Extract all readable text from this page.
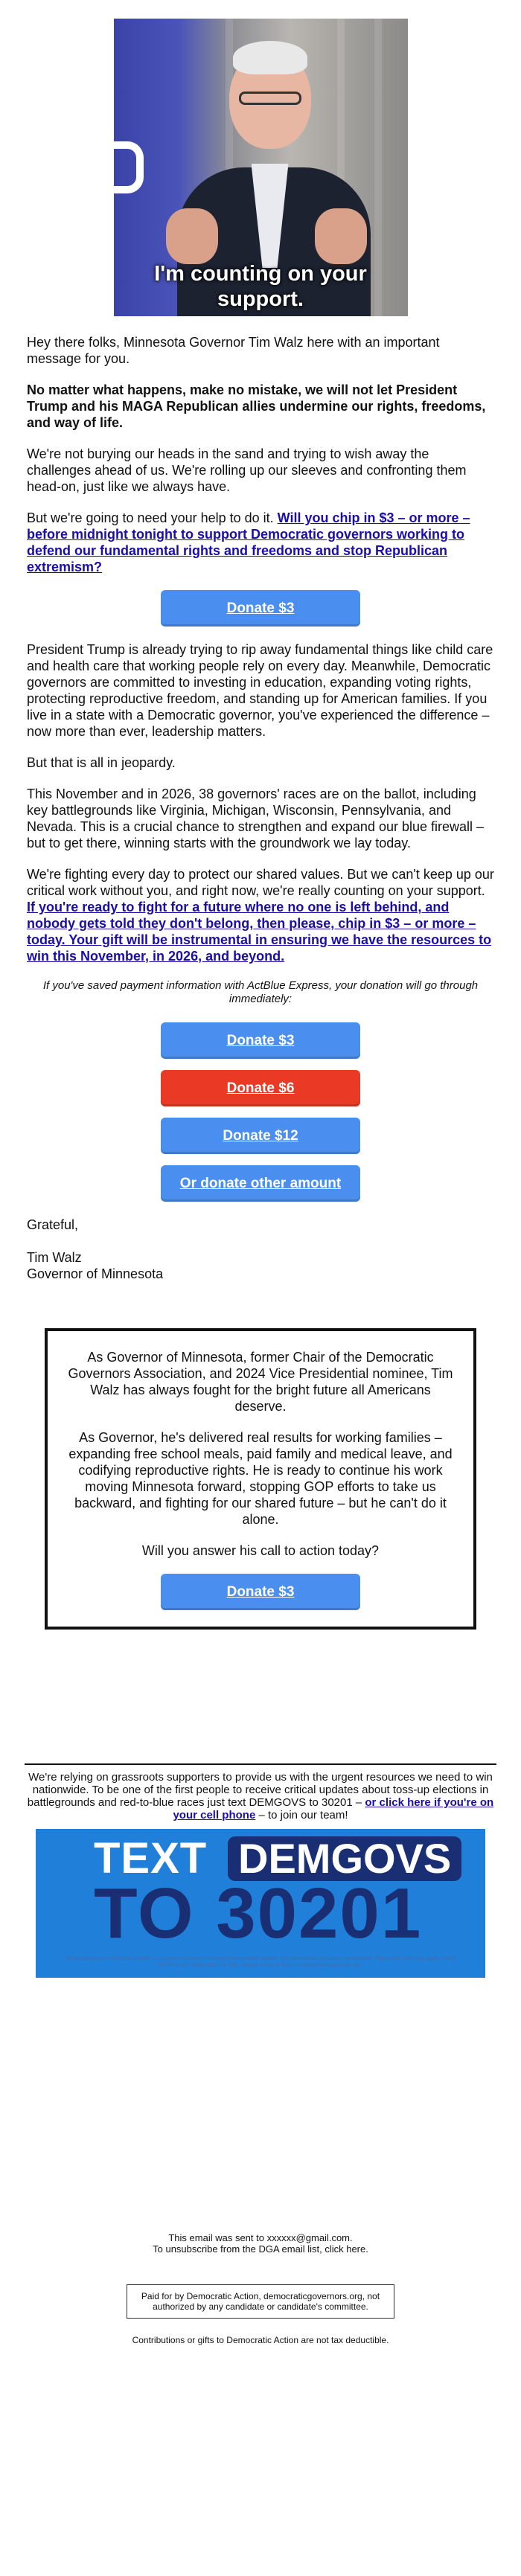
I'm counting on your
support.

Hey there folks, Minnesota Governor Tim Walz here with an important message for you.

No matter what happens, make no mistake, we will not let President Trump and his MAGA Republican allies undermine our rights, freedoms, and way of life.

We're not burying our heads in the sand and trying to wish away the challenges ahead of us. We're rolling up our sleeves and confronting them head-on, just like we always have.

But we're going to need your help to do it. Will you chip in $3 – or more – before midnight tonight to support Democratic governors working to defend our fundamental rights and freedoms and stop Republican extremism?

Donate $3

President Trump is already trying to rip away fundamental things like child care and health care that working people rely on every day. Meanwhile, Democratic governors are committed to investing in education, expanding voting rights, protecting reproductive freedom, and standing up for American families. If you live in a state with a Democratic governor, you've experienced the difference – now more than ever, leadership matters.

But that is all in jeopardy.

This November and in 2026, 38 governors' races are on the ballot, including key battlegrounds like Virginia, Michigan, Wisconsin, Pennsylvania, and Nevada. This is a crucial chance to strengthen and expand our blue firewall – but to get there, winning starts with the groundwork we lay today.

We're fighting every day to protect our shared values. But we can't keep up our critical work without you, and right now, we're really counting on your support. If you're ready to fight for a future where no one is left behind, and nobody gets told they don't belong, then please, chip in $3 – or more – today. Your gift will be instrumental in ensuring we have the resources to win this November, in 2026, and beyond.

If you've saved payment information with ActBlue Express, your donation will go through immediately:
Donate $3
Donate $6
Donate $12
Or donate other amount
Grateful,
Tim Walz
Governor of Minnesota

As Governor of Minnesota, former Chair of the Democratic Governors Association, and 2024 Vice Presidential nominee, Tim Walz has always fought for the bright future all Americans deserve.

As Governor, he's delivered real results for working families – expanding free school meals, paid family and medical leave, and codifying reproductive rights. He is ready to continue his work moving Minnesota forward, stopping GOP efforts to take us backward, and fighting for our shared future – but he can't do it alone.

Will you answer his call to action today?

Donate $3
We're relying on grassroots supporters to provide us with the urgent resources we need to win nationwide. To be one of the first people to receive critical updates about toss-up elections in battlegrounds and red-to-blue races just text DEMGOVS to 30201 – or click here if you're on your cell phone – to join our team!
TEXT DEMGOVS
TO 30201
By providing your cell phone number you consent to receive recurring text message updates from Democratic Governors Association. Msg & data rates may apply. Reply STOP to end. Reply HELP for help. Privacy Policy & Terms on democraticgovernors.org.
This email was sent to xxxxxx@gmail.com.
To unsubscribe from the DGA email list, click here.
Paid for by Democratic Action, democraticgovernors.org, not authorized by any candidate or candidate's committee.
Contributions or gifts to Democratic Action are not tax deductible.
